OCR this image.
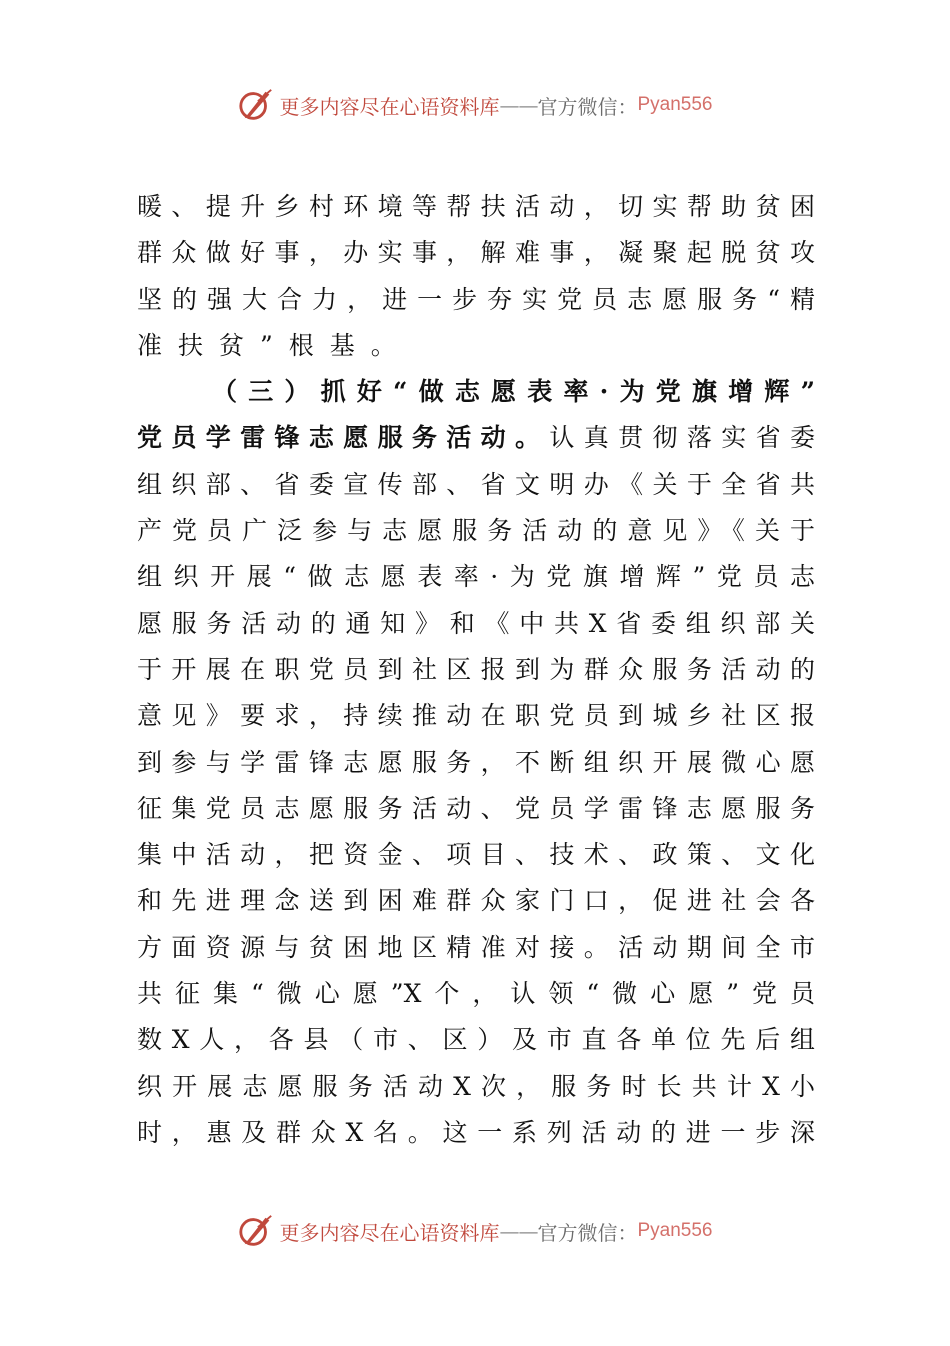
更多内容尽在心语资料库 —— 官方微信： Pyan556
暖、提升乡村环境等帮扶活动，切实帮助贫困
群众做好事，办实事，解难事，凝聚起脱贫攻
坚的强大合力，进一步夯实党员志愿服务“精
准扶贫”根基。
（三）抓好“做志愿表率·为党旗增辉”
党员学雷锋志愿服务活动。认真贯彻落实省委
组织部、省委宣传部、省文明办《关于全省共
产党员广泛参与志愿服务活动的意见》《关于
组织开展“做志愿表率·为党旗增辉”党员志
愿服务活动的通知》和《中共X省委组织部关
于开展在职党员到社区报到为群众服务活动的
意见》要求，持续推动在职党员到城乡社区报
到参与学雷锋志愿服务，不断组织开展微心愿
征集党员志愿服务活动、党员学雷锋志愿服务
集中活动，把资金、项目、技术、政策、文化
和先进理念送到困难群众家门口，促进社会各
方面资源与贫困地区精准对接。活动期间全市
共征集“微心愿”X个，认领“微心愿”党员
数X人，各县（市、区）及市直各单位先后组
织开展志愿服务活动X次，服务时长共计X小
时，惠及群众X名。这一系列活动的进一步深
更多内容尽在心语资料库 —— 官方微信： Pyan556
